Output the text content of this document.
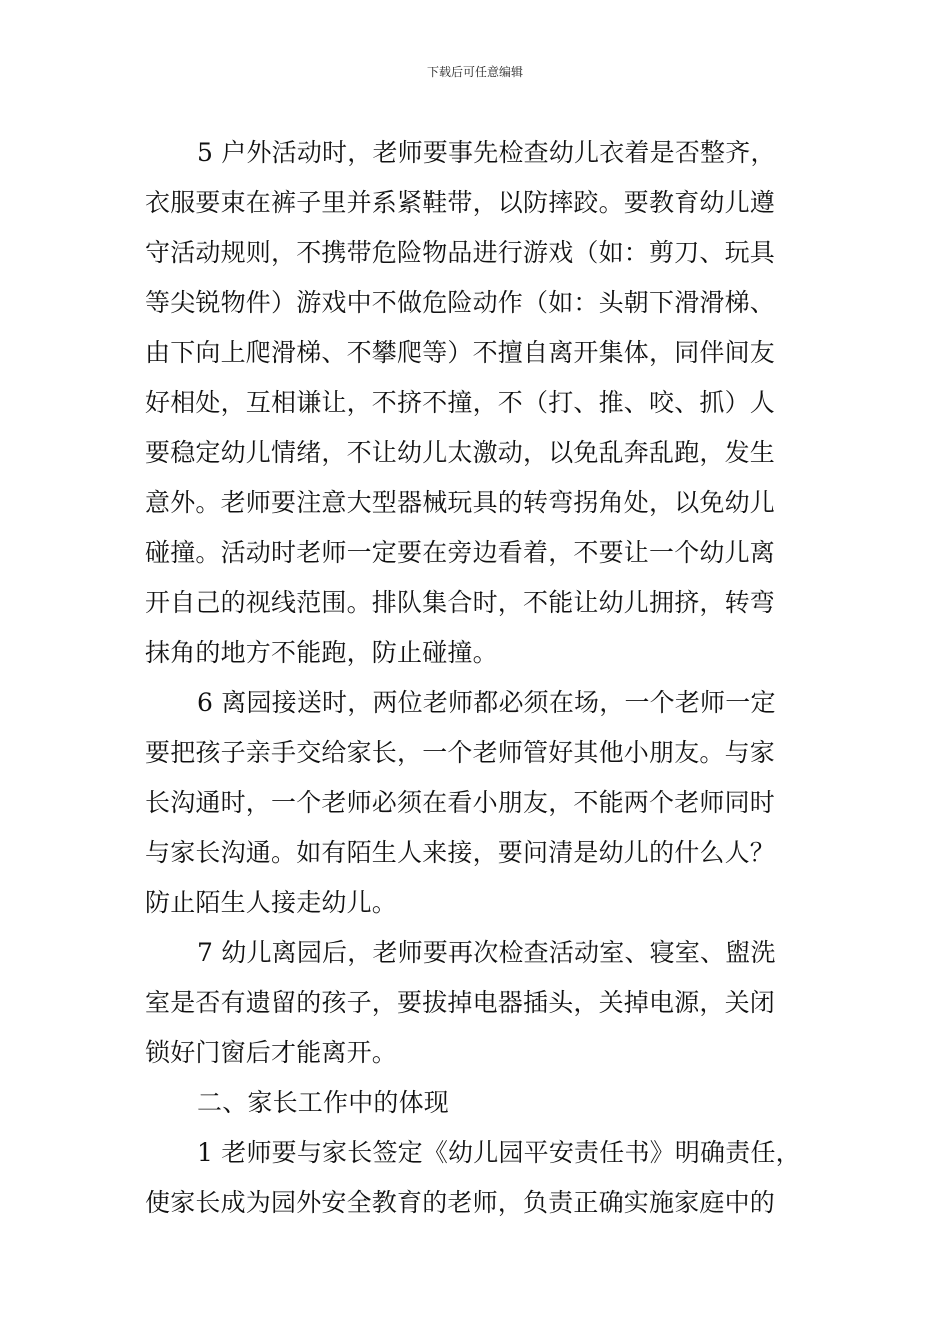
下载后可任意编辑
5 户外活动时，老师要事先检查幼儿衣着是否整齐，
衣服要束在裤子里并系紧鞋带，以防摔跤。要教育幼儿遵
守活动规则，不携带危险物品进行游戏（如：剪刀、玩具
等尖锐物件）游戏中不做危险动作（如：头朝下滑滑梯、
由下向上爬滑梯、不攀爬等）不擅自离开集体，同伴间友
好相处，互相谦让，不挤不撞，不（打、推、咬、抓）人
要稳定幼儿情绪，不让幼儿太激动，以免乱奔乱跑，发生
意外。老师要注意大型器械玩具的转弯拐角处，以免幼儿
碰撞。活动时老师一定要在旁边看着，不要让一个幼儿离
开自己的视线范围。排队集合时，不能让幼儿拥挤，转弯
抹角的地方不能跑，防止碰撞。
6 离园接送时，两位老师都必须在场，一个老师一定
要把孩子亲手交给家长，一个老师管好其他小朋友。与家
长沟通时，一个老师必须在看小朋友，不能两个老师同时
与家长沟通。如有陌生人来接，要问清是幼儿的什么人？
防止陌生人接走幼儿。
7 幼儿离园后，老师要再次检查活动室、寝室、盥洗
室是否有遗留的孩子，要拔掉电器插头，关掉电源，关闭
锁好门窗后才能离开。
二、家长工作中的体现
1 老师要与家长签定《幼儿园平安责任书》明确责任，
使家长成为园外安全教育的老师，负责正确实施家庭中的
